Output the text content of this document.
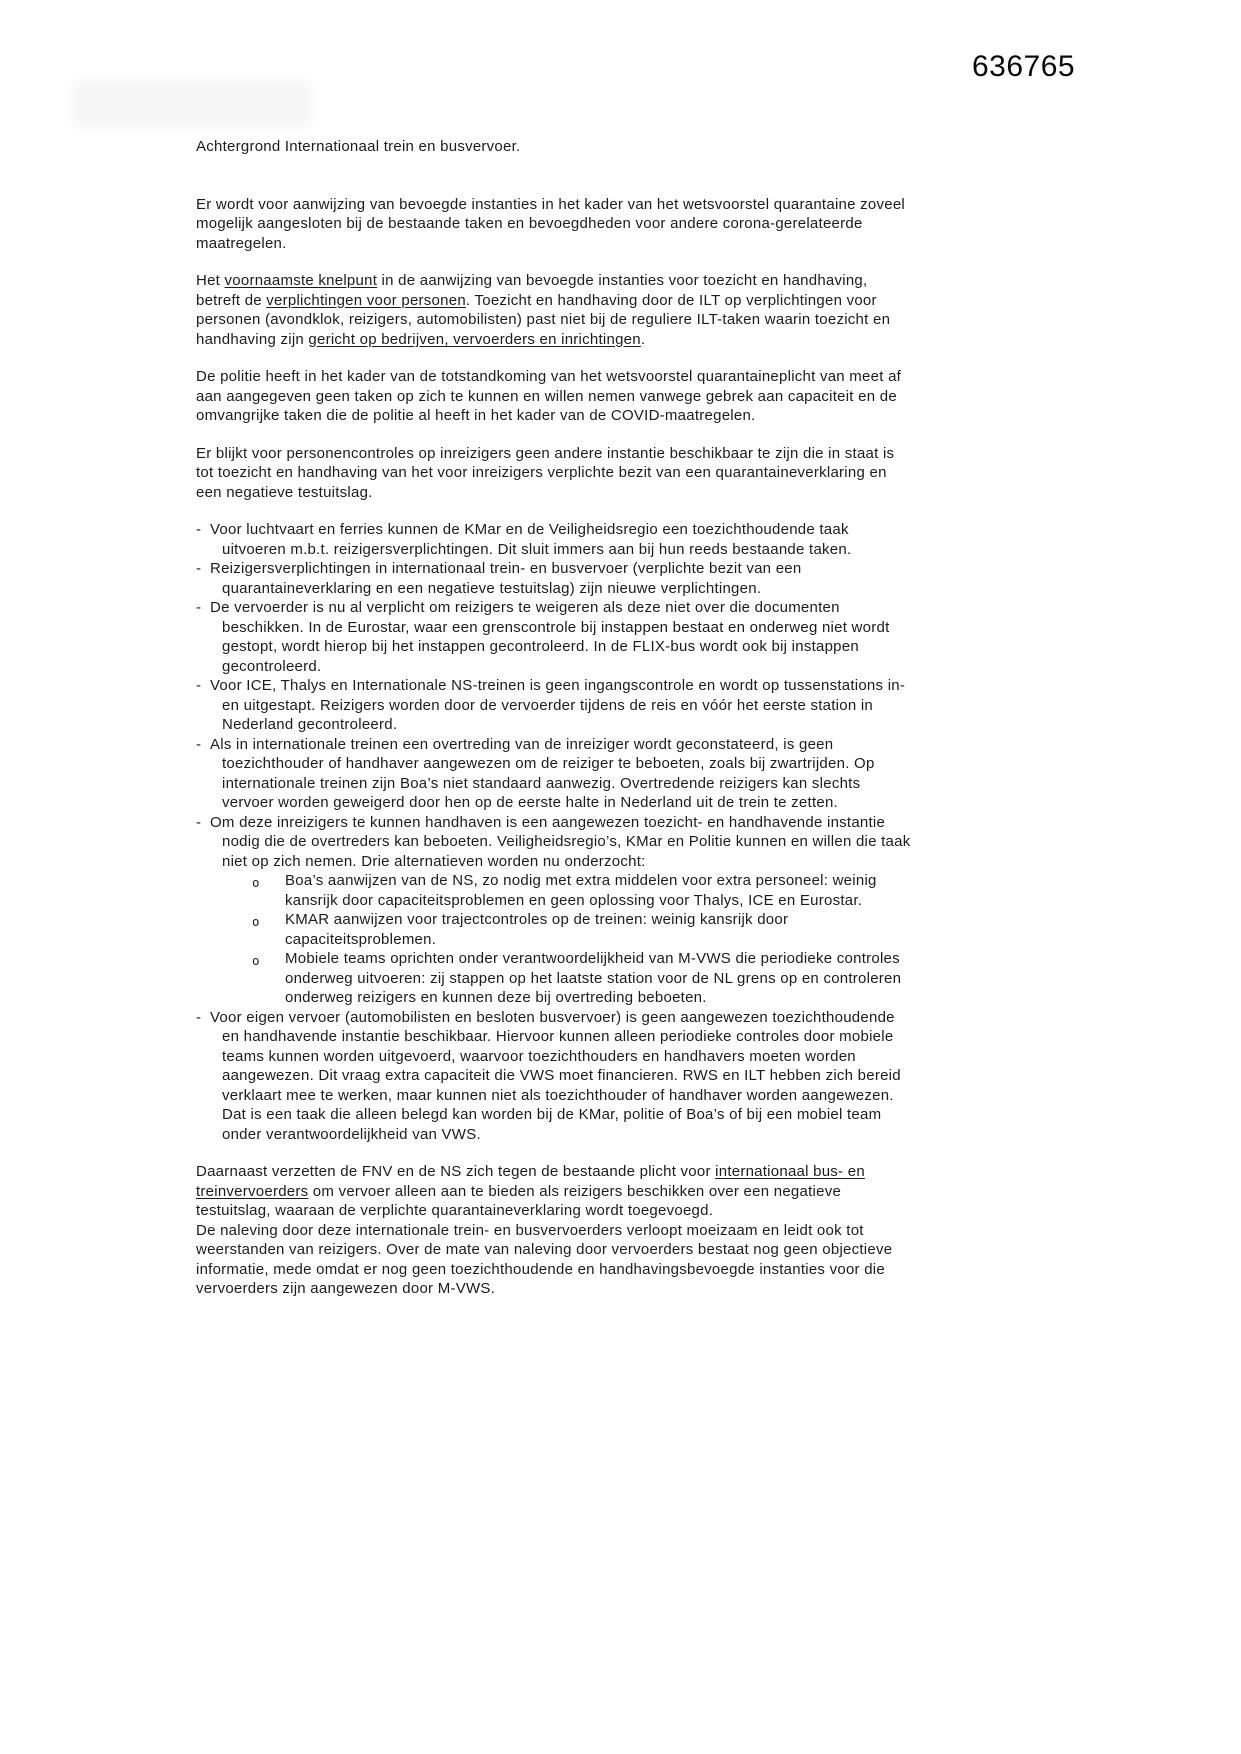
636765

Achtergrond Internationaal trein en busvervoer.

Er wordt voor aanwijzing van bevoegde instanties in het kader van het wetsvoorstel quarantaine zoveel mogelijk aangesloten bij de bestaande taken en bevoegdheden voor andere corona-gerelateerde maatregelen.

Het voornaamste knelpunt in de aanwijzing van bevoegde instanties voor toezicht en handhaving, betreft de verplichtingen voor personen. Toezicht en handhaving door de ILT op verplichtingen voor personen (avondklok, reizigers, automobilisten) past niet bij de reguliere ILT-taken waarin toezicht en handhaving zijn gericht op bedrijven, vervoerders en inrichtingen.

De politie heeft in het kader van de totstandkoming van het wetsvoorstel quarantaineplicht van meet af aan aangegeven geen taken op zich te kunnen en willen nemen vanwege gebrek aan capaciteit en de omvangrijke taken die de politie al heeft in het kader van de COVID-maatregelen.

Er blijkt voor personencontroles op inreizigers geen andere instantie beschikbaar te zijn die in staat is tot toezicht en handhaving van het voor inreizigers verplichte bezit van een quarantaineverklaring en een negatieve testuitslag.

- Voor luchtvaart en ferries kunnen de KMar en de Veiligheidsregio een toezichthoudende taak uitvoeren m.b.t. reizigersverplichtingen. Dit sluit immers aan bij hun reeds bestaande taken.
- Reizigersverplichtingen in internationaal trein- en busvervoer (verplichte bezit van een quarantaineverklaring en een negatieve testuitslag) zijn nieuwe verplichtingen.
- De vervoerder is nu al verplicht om reizigers te weigeren als deze niet over die documenten beschikken. In de Eurostar, waar een grenscontrole bij instappen bestaat en onderweg niet wordt gestopt, wordt hierop bij het instappen gecontroleerd. In de FLIX-bus wordt ook bij instappen gecontroleerd.
- Voor ICE, Thalys en Internationale NS-treinen is geen ingangscontrole en wordt op tussenstations in- en uitgestapt. Reizigers worden door de vervoerder tijdens de reis en vóór het eerste station in Nederland gecontroleerd.
- Als in internationale treinen een overtreding van de inreiziger wordt geconstateerd, is geen toezichthouder of handhaver aangewezen om de reiziger te beboeten, zoals bij zwartrijden. Op internationale treinen zijn Boa’s niet standaard aanwezig. Overtredende reizigers kan slechts vervoer worden geweigerd door hen op de eerste halte in Nederland uit de trein te zetten.
- Om deze inreizigers te kunnen handhaven is een aangewezen toezicht- en handhavende instantie nodig die de overtreders kan beboeten. Veiligheidsregio’s, KMar en Politie kunnen en willen die taak niet op zich nemen. Drie alternatieven worden nu onderzocht:
o Boa’s aanwijzen van de NS, zo nodig met extra middelen voor extra personeel: weinig kansrijk door capaciteitsproblemen en geen oplossing voor Thalys, ICE en Eurostar.
o KMAR aanwijzen voor trajectcontroles op de treinen: weinig kansrijk door capaciteitsproblemen.
o Mobiele teams oprichten onder verantwoordelijkheid van M-VWS die periodieke controles onderweg uitvoeren: zij stappen op het laatste station voor de NL grens op en controleren onderweg reizigers en kunnen deze bij overtreding beboeten.
- Voor eigen vervoer (automobilisten en besloten busvervoer) is geen aangewezen toezichthoudende en handhavende instantie beschikbaar. Hiervoor kunnen alleen periodieke controles door mobiele teams kunnen worden uitgevoerd, waarvoor toezichthouders en handhavers moeten worden aangewezen. Dit vraag extra capaciteit die VWS moet financieren. RWS en ILT hebben zich bereid verklaart mee te werken, maar kunnen niet als toezichthouder of handhaver worden aangewezen. Dat is een taak die alleen belegd kan worden bij de KMar, politie of Boa’s of bij een mobiel team onder verantwoordelijkheid van VWS.

Daarnaast verzetten de FNV en de NS zich tegen de bestaande plicht voor internationaal bus- en treinvervoerders om vervoer alleen aan te bieden als reizigers beschikken over een negatieve testuitslag, waaraan de verplichte quarantaineverklaring wordt toegevoegd.

De naleving door deze internationale trein- en busvervoerders verloopt moeizaam en leidt ook tot weerstanden van reizigers. Over de mate van naleving door vervoerders bestaat nog geen objectieve informatie, mede omdat er nog geen toezichthoudende en handhavingsbevoegde instanties voor die vervoerders zijn aangewezen door M-VWS.
